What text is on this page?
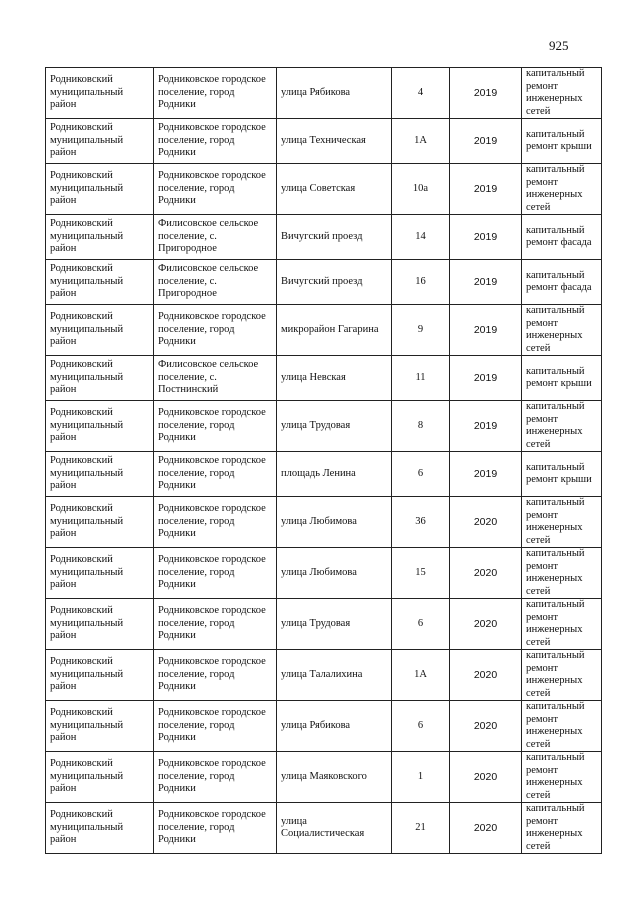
925
Родниковский муниципальный район	Родниковское городское поселение, город Родники	улица Рябикова	4	2019	капитальный ремонт инженерных сетей
Родниковский муниципальный район	Родниковское городское поселение, город Родники	улица Техническая	1А	2019	капитальный ремонт крыши
Родниковский муниципальный район	Родниковское городское поселение, город Родники	улица Советская	10а	2019	капитальный ремонт инженерных сетей
Родниковский муниципальный район	Филисовское сельское поселение, с. Пригородное	Вичугский проезд	14	2019	капитальный ремонт фасада
Родниковский муниципальный район	Филисовское сельское поселение, с. Пригородное	Вичугский проезд	16	2019	капитальный ремонт фасада
Родниковский муниципальный район	Родниковское городское поселение, город Родники	микрорайон Гагарина	9	2019	капитальный ремонт инженерных сетей
Родниковский муниципальный район	Филисовское сельское поселение, с. Постнинский	улица Невская	11	2019	капитальный ремонт крыши
Родниковский муниципальный район	Родниковское городское поселение, город Родники	улица Трудовая	8	2019	капитальный ремонт инженерных сетей
Родниковский муниципальный район	Родниковское городское поселение, город Родники	площадь Ленина	6	2019	капитальный ремонт крыши
Родниковский муниципальный район	Родниковское городское поселение, город Родники	улица Любимова	36	2020	капитальный ремонт инженерных сетей
Родниковский муниципальный район	Родниковское городское поселение, город Родники	улица Любимова	15	2020	капитальный ремонт инженерных сетей
Родниковский муниципальный район	Родниковское городское поселение, город Родники	улица Трудовая	6	2020	капитальный ремонт инженерных сетей
Родниковский муниципальный район	Родниковское городское поселение, город Родники	улица Талалихина	1А	2020	капитальный ремонт инженерных сетей
Родниковский муниципальный район	Родниковское городское поселение, город Родники	улица Рябикова	6	2020	капитальный ремонт инженерных сетей
Родниковский муниципальный район	Родниковское городское поселение, город Родники	улица Маяковского	1	2020	капитальный ремонт инженерных сетей
Родниковский муниципальный район	Родниковское городское поселение, город Родники	улица Социалистическая	21	2020	капитальный ремонт инженерных сетей
